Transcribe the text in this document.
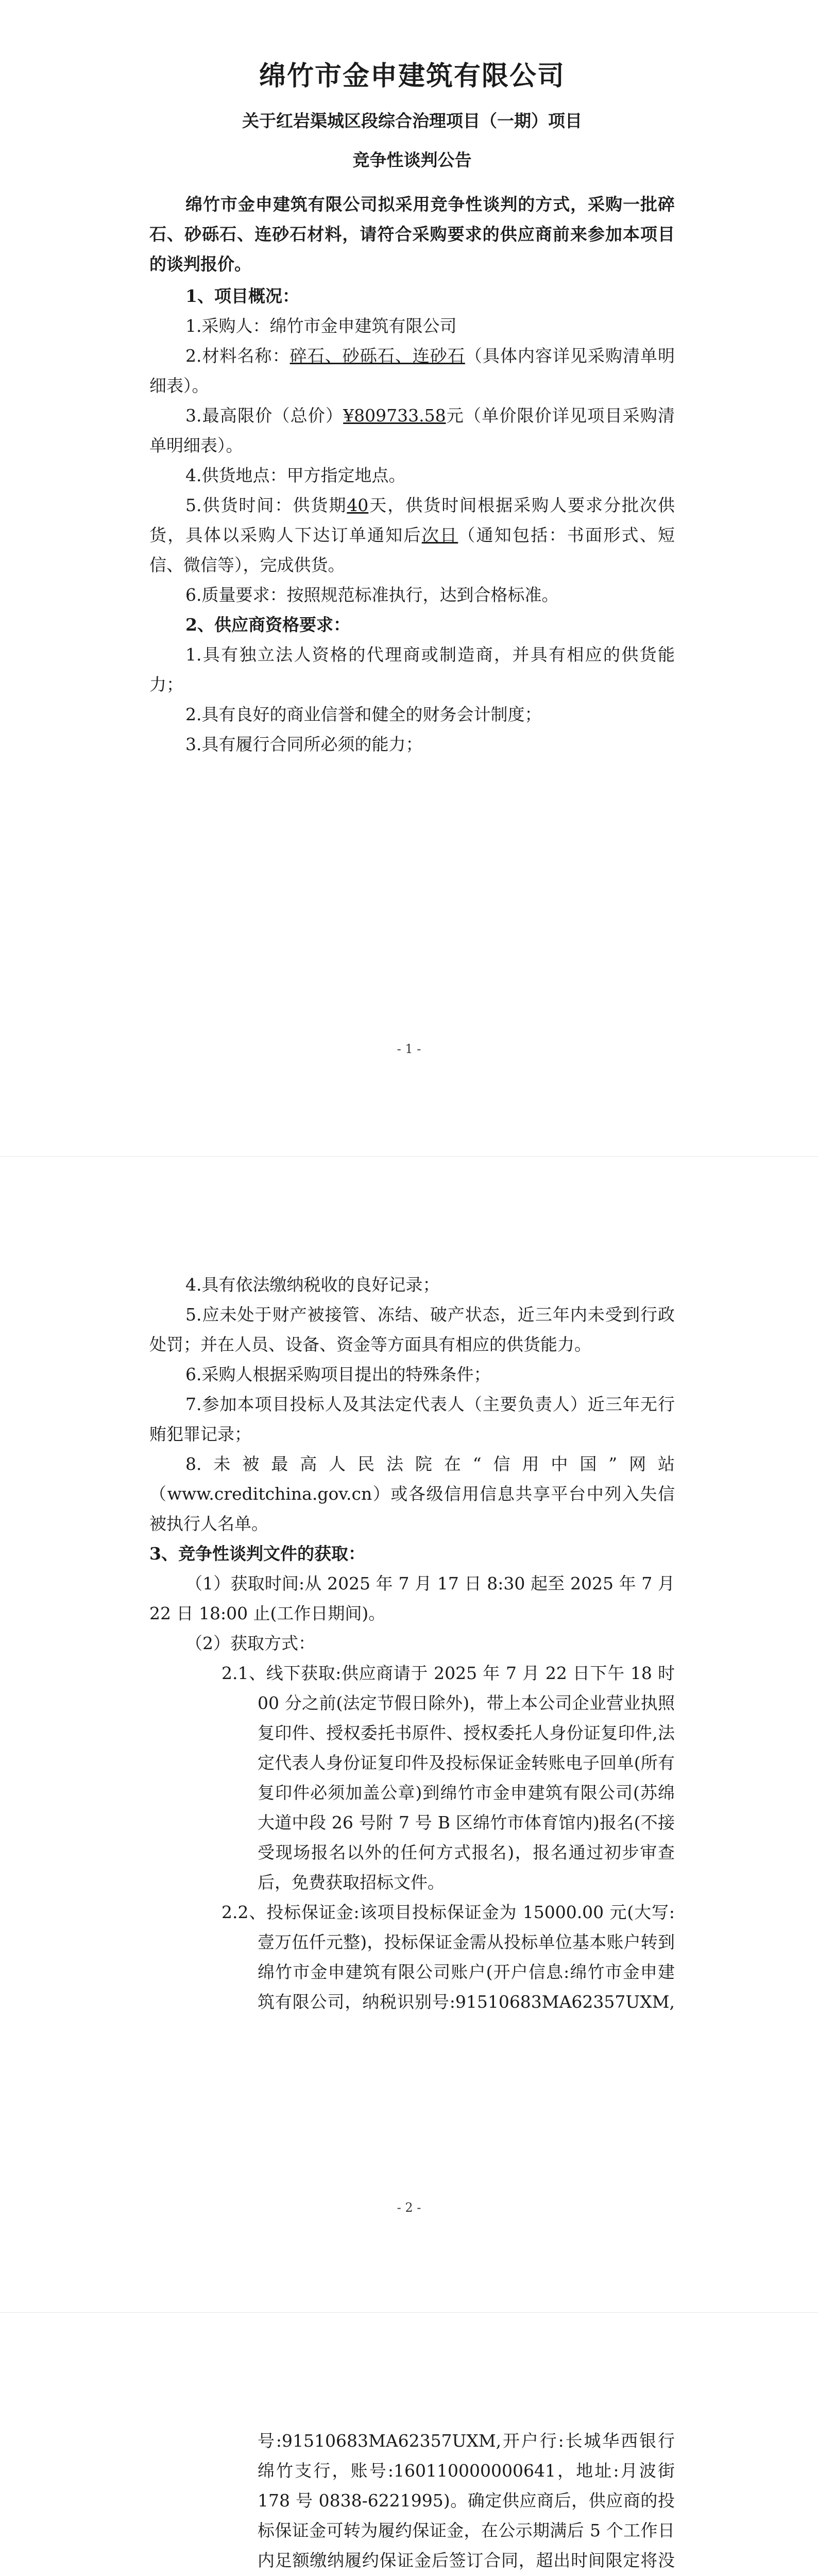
绵竹市金申建筑有限公司
关于红岩渠城区段综合治理项目（一期）项目
竞争性谈判公告

绵竹市金申建筑有限公司拟采用竞争性谈判的方式，采购一批碎石、砂砾石、连砂石材料，请符合采购要求的供应商前来参加本项目的谈判报价。

1、项目概况：

1.采购人：绵竹市金申建筑有限公司

2.材料名称：碎石、砂砾石、连砂石（具体内容详见采购清单明细表）。

3.最高限价（总价）¥809733.58元（单价限价详见项目采购清单明细表）。

4.供货地点：甲方指定地点。

5.供货时间：供货期40天，供货时间根据采购人要求分批次供货，具体以采购人下达订单通知后次日（通知包括：书面形式、短信、微信等），完成供货。

6.质量要求：按照规范标准执行，达到合格标准。

2、供应商资格要求：

1.具有独立法人资格的代理商或制造商，并具有相应的供货能力；

2.具有良好的商业信誉和健全的财务会计制度；

3.具有履行合同所必须的能力；

- 1 -

4.具有依法缴纳税收的良好记录；

5.应未处于财产被接管、冻结、破产状态，近三年内未受到行政处罚；并在人员、设备、资金等方面具有相应的供货能力。

6.采购人根据采购项目提出的特殊条件；

7.参加本项目投标人及其法定代表人（主要负责人）近三年无行贿犯罪记录；

8.未被最高人民法院在“信用中国”网站（www.creditchina.gov.cn）或各级信用信息共享平台中列入失信被执行人名单。

3、竞争性谈判文件的获取：

（1）获取时间:从 2025 年 7 月 17 日 8:30 起至 2025 年 7 月 22 日 18:00 止(工作日期间)。

（2）获取方式：

2.1、线下获取:供应商请于 2025 年 7 月 22 日下午 18 时 00 分之前(法定节假日除外)，带上本公司企业营业执照复印件、授权委托书原件、授权委托人身份证复印件,法定代表人身份证复印件及投标保证金转账电子回单(所有复印件必须加盖公章)到绵竹市金申建筑有限公司(苏绵大道中段 26 号附 7 号 B 区绵竹市体育馆内)报名(不接受现场报名以外的任何方式报名)，报名通过初步审查后，免费获取招标文件。

2.2、投标保证金:该项目投标保证金为 15000.00 元(大写:壹万伍仟元整)，投标保证金需从投标单位基本账户转到绵竹市金申建筑有限公司账户(开户信息:绵竹市金申建筑有限公司，纳税识别号:91510683MA62357UXM,

- 2 -

号:91510683MA62357UXM,开户行:长城华西银行绵竹支行，账号:160110000000641，地址:月波街 178 号 0838-6221995)。确定供应商后，供应商的投标保证金可转为履约保证金，在公示期满后 5 个工作日内足额缴纳履约保证金后签订合同，超出时间限定将没
